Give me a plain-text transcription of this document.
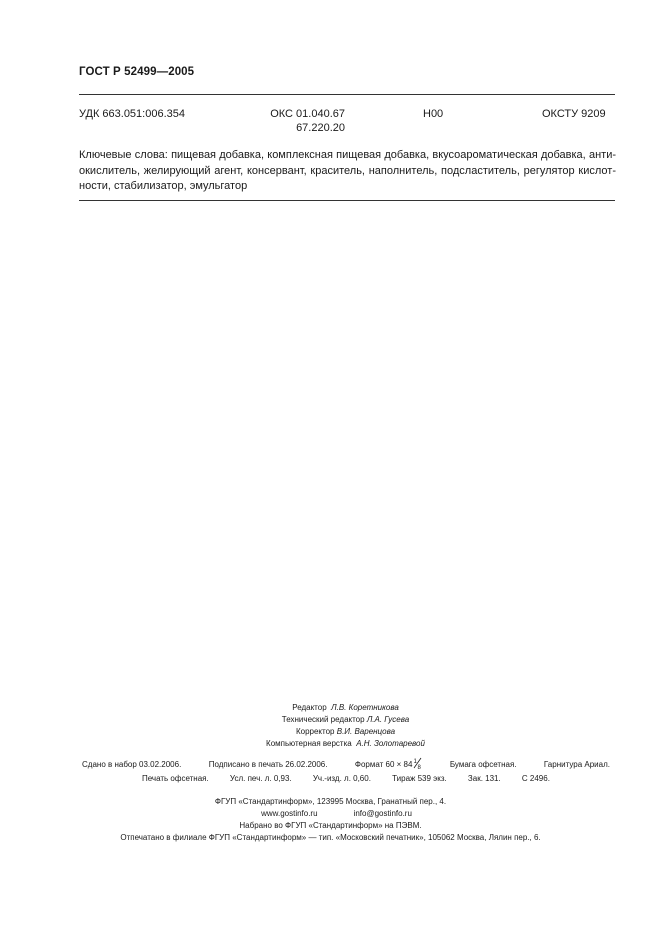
ГОСТ Р 52499—2005
УДК 663.051:006.354	ОКС 01.040.67
67.220.20
Н00	ОКСТУ 9209
Ключевые слова: пищевая добавка, комплексная пищевая добавка, вкусоароматическая добавка, анти-
окислитель, желирующий агент, консервант, краситель, наполнитель, подсластитель, регулятор кислот-
ности, стабилизатор, эмульгатор
Редактор Л.В. Коретникова
Технический редактор Л.А. Гусева
Корректор В.И. Варенцова
Компьютерная верстка А.Н. Золотаревой
Сдано в набор 03.02.2006.	Подписано в печать 26.02.2006.	Формат 60 × 84 1
8	Бумага офсетная.	Гарнитура Ариал.
Печать офсетная.	Усл. печ. л. 0,93.	Уч.-изд. л. 0,60.	Тираж 539 экз.	Зак. 131.	С 2496.
ФГУП «Стандартинформ», 123995 Москва, Гранатный пер., 4.
www.gostinfo.ru	info@gostinfo.ru
Набрано во ФГУП «Стандартинформ» на ПЭВМ.
Отпечатано в филиале ФГУП «Стандартинформ» — тип. «Московский печатник», 105062 Москва, Лялин пер., 6.
